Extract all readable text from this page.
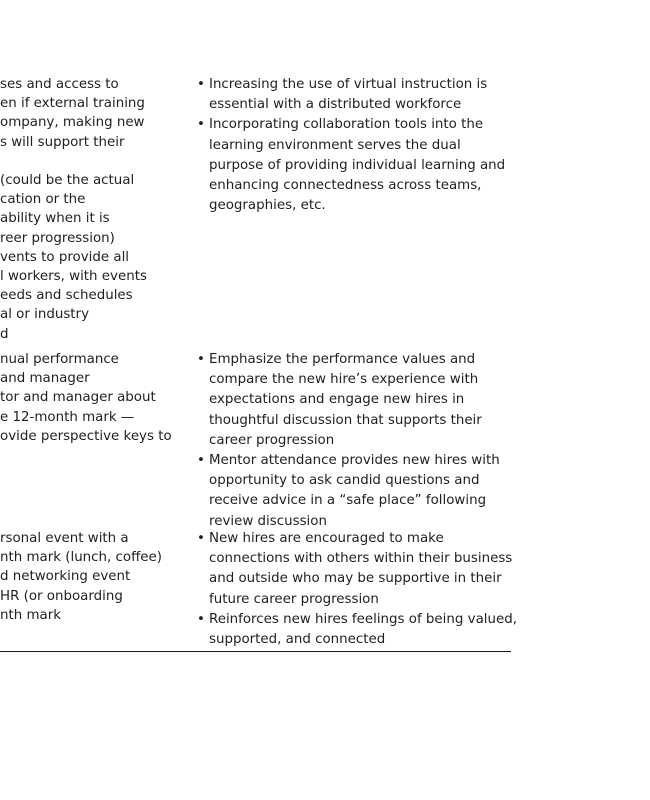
ses and access to
en if external training
ompany, making new
s will support their

(could be the actual
cation or the
ability when it is
reer progression)
vents to provide all
l workers, with events
eeds and schedules
al or industry
d
• Increasing the use of virtual instruction is essential with a distributed workforce
• Incorporating collaboration tools into the learning environment serves the dual purpose of providing individual learning and enhancing connectedness across teams, geographies, etc.
nual performance
and manager
tor and manager about
e 12-month mark —
ovide perspective keys to
• Emphasize the performance values and compare the new hire’s experience with expectations and engage new hires in thoughtful discussion that supports their career progression
• Mentor attendance provides new hires with opportunity to ask candid questions and receive advice in a “safe place” following review discussion
rsonal event with a
nth mark (lunch, coffee)
d networking event
HR (or onboarding
nth mark
• New hires are encouraged to make connections with others within their business and outside who may be supportive in their future career progression
• Reinforces new hires feelings of being valued, supported, and connected
